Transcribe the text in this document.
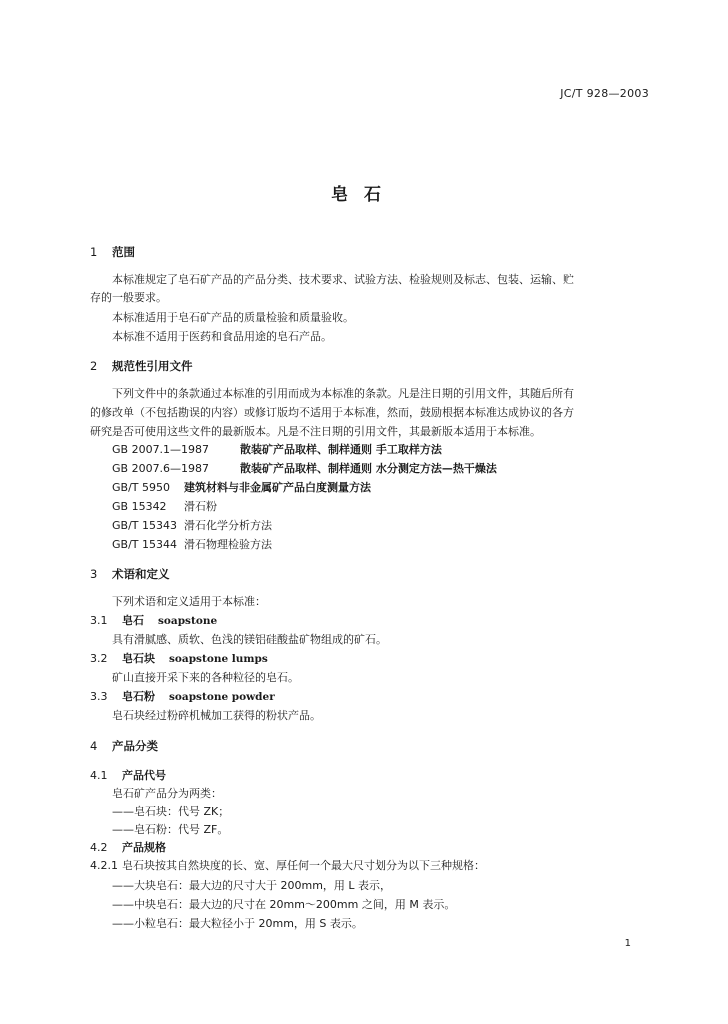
JC/T 928—2003
皂石
1 范围
本标准规定了皂石矿产品的产品分类、技术要求、试验方法、检验规则及标志、包装、运输、贮
存的一般要求。
本标准适用于皂石矿产品的质量检验和质量验收。
本标准不适用于医药和食品用途的皂石产品。
2 规范性引用文件
下列文件中的条款通过本标准的引用而成为本标准的条款。凡是注日期的引用文件，其随后所有
的修改单（不包括勘误的内容）或修订版均不适用于本标准，然而，鼓励根据本标准达成协议的各方
研究是否可使用这些文件的最新版本。凡是不注日期的引用文件，其最新版本适用于本标准。
GB 2007.1—1987	散装矿产品取样、制样通则 手工取样方法
GB 2007.6—1987	散装矿产品取样、制样通则 水分测定方法—热干燥法
GB/T 5950 建筑材料与非金属矿产品白度测量方法
GB 15342 滑石粉
GB/T 15343 滑石化学分析方法
GB/T 15344 滑石物理检验方法
3 术语和定义
下列术语和定义适用于本标准：
3.1 皂石 soapstone
具有滑腻感、质软、色浅的镁铝硅酸盐矿物组成的矿石。
3.2 皂石块 soapstone lumps
矿山直接开采下来的各种粒径的皂石。
3.3 皂石粉 soapstone powder
皂石块经过粉碎机械加工获得的粉状产品。
4 产品分类
4.1 产品代号
皂石矿产品分为两类：
——皂石块：代号 ZK；
——皂石粉：代号 ZF。
4.2 产品规格
4.2.1 皂石块按其自然块度的长、宽、厚任何一个最大尺寸划分为以下三种规格：
——大块皂石：最大边的尺寸大于 200mm，用 L 表示，
——中块皂石：最大边的尺寸在 20mm～200mm 之间，用 M 表示。
——小粒皂石：最大粒径小于 20mm，用 S 表示。
1
